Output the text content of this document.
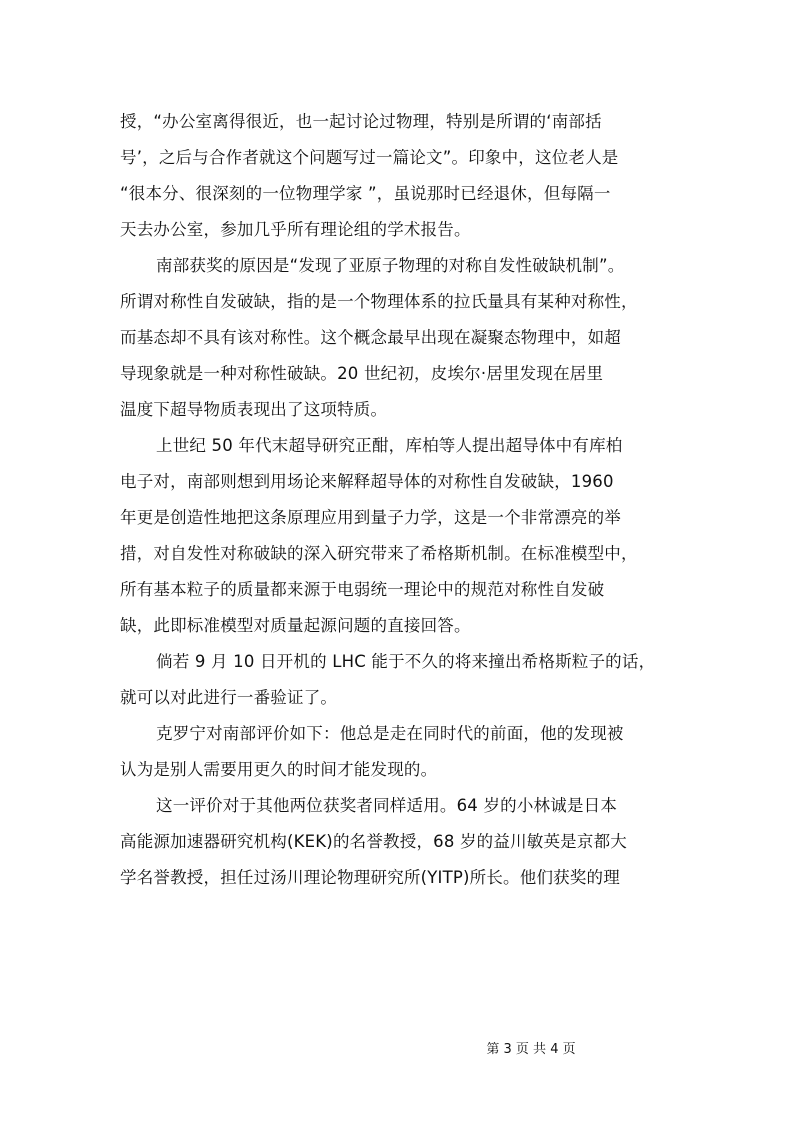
授，“办公室离得很近，也一起讨论过物理，特别是所谓的‘南部括
号’，之后与合作者就这个问题写过一篇论文”。印象中，这位老人是
“很本分、很深刻的一位物理学家 ”，虽说那时已经退休，但每隔一
天去办公室，参加几乎所有理论组的学术报告。
南部获奖的原因是“发现了亚原子物理的对称自发性破缺机制”。
所谓对称性自发破缺，指的是一个物理体系的拉氏量具有某种对称性，
而基态却不具有该对称性。这个概念最早出现在凝聚态物理中，如超
导现象就是一种对称性破缺。20 世纪初，皮埃尔·居里发现在居里
温度下超导物质表现出了这项特质。
上世纪 50 年代末超导研究正酣，库柏等人提出超导体中有库柏
电子对，南部则想到用场论来解释超导体的对称性自发破缺，1960
年更是创造性地把这条原理应用到量子力学，这是一个非常漂亮的举
措，对自发性对称破缺的深入研究带来了希格斯机制。在标准模型中，
所有基本粒子的质量都来源于电弱统一理论中的规范对称性自发破
缺，此即标准模型对质量起源问题的直接回答。
倘若 9 月 10 日开机的 LHC 能于不久的将来撞出希格斯粒子的话，
就可以对此进行一番验证了。
克罗宁对南部评价如下：他总是走在同时代的前面，他的发现被
认为是别人需要用更久的时间才能发现的。
这一评价对于其他两位获奖者同样适用。64 岁的小林诚是日本
高能源加速器研究机构(KEK)的名誉教授，68 岁的益川敏英是京都大
学名誉教授，担任过汤川理论物理研究所(YITP)所长。他们获奖的理
第 3 页 共 4 页
